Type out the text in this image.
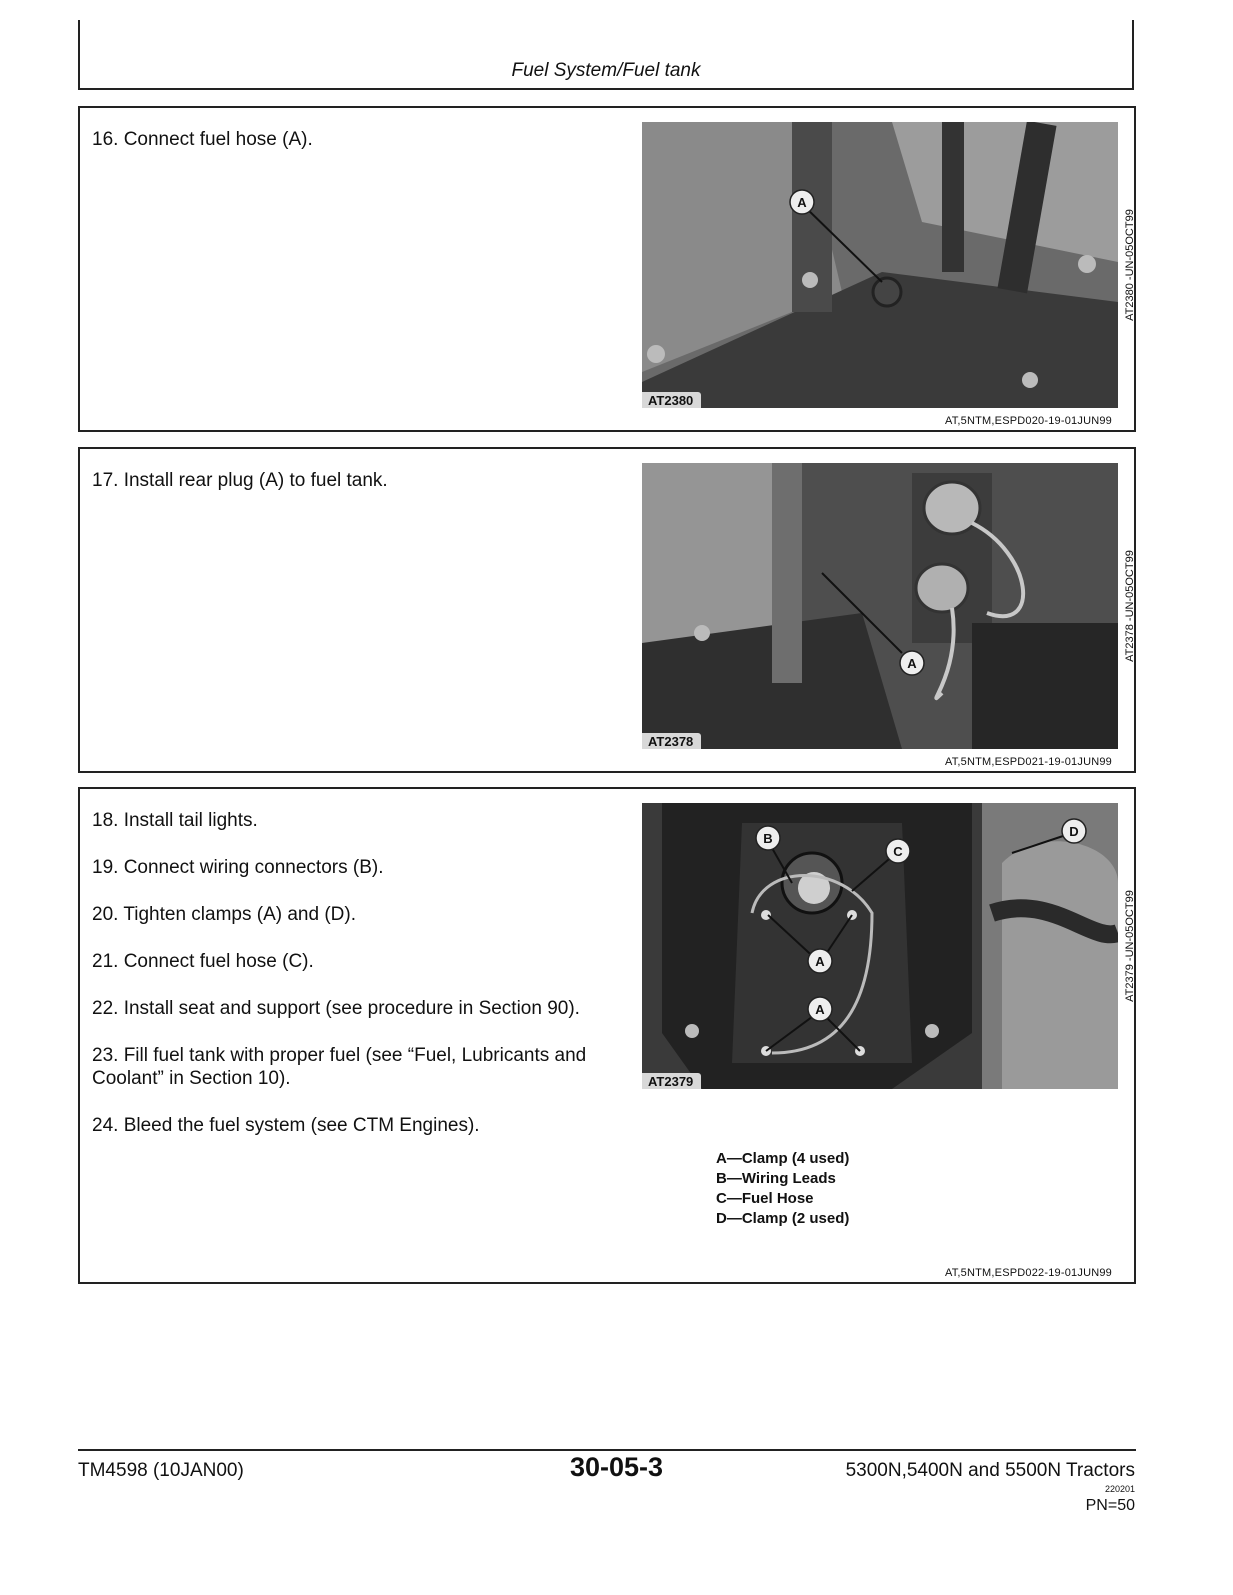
Fuel System/Fuel tank
16. Connect fuel hose (A).
A
AT2380
AT2380 -UN-05OCT99
AT,5NTM,ESPD020-19-01JUN99
17. Install rear plug (A) to fuel tank.
A
AT2378
AT2378 -UN-05OCT99
AT,5NTM,ESPD021-19-01JUN99
18. Install tail lights.
19. Connect wiring connectors (B).
20. Tighten clamps (A) and (D).
21. Connect fuel hose (C).
22. Install seat and support (see procedure in Section 90).
23. Fill fuel tank with proper fuel (see “Fuel, Lubricants and Coolant” in Section 10).
24. Bleed the fuel system (see CTM Engines).
B
C
D
A
A
AT2379
AT2379 -UN-05OCT99
A—Clamp (4 used)
B—Wiring Leads
C—Fuel Hose
D—Clamp (2 used)
AT,5NTM,ESPD022-19-01JUN99
TM4598 (10JAN00)	30-05-3	5300N,5400N and 5500N Tractors
220201
PN=50
